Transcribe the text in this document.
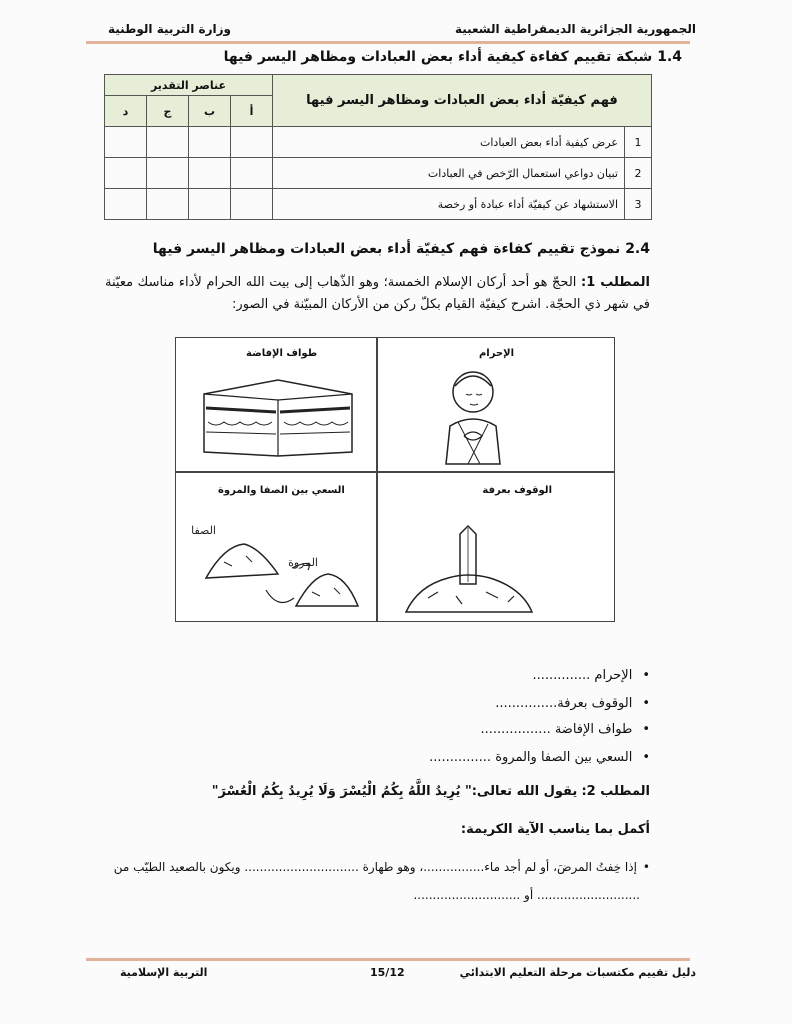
الجمهورية الجزائرية الديمقراطية الشعبية
وزارة التربية الوطنية
1.4 شبكة تقييم كفاءة كيفية أداء بعض العبادات ومظاهر اليسر فيها
فهم كيفيّة أداء بعض العبادات ومظاهر اليسر فيها		عناصر التقدير			
		أ	ب	ج	د
1	عرض كيفية أداء بعض العبادات				
2	تبيان دواعي استعمال الرّخص في العبادات				
3	الاستشهاد عن كيفيّة أداء عبادة أو رخصة				
2.4 نموذج تقييم كفاءة فهم كيفيّة أداء بعض العبادات ومظاهر اليسر فيها
المطلب 1: الحجّ هو أحد أركان الإسلام الخمسة؛ وهو الذّهاب إلى بيت الله الحرام لأداء مناسك معيّنة في شهر ذي الحجّة. اشرح كيفيّة القيام بكلّ ركن من الأركان المبيّنة في الصور:
الإحرام
طواف الإفاضة
الوقوف بعرفة
السعي بين الصفا والمروة
الصفا
المروة
• الإحرام ..............
• الوقوف بعرفة...............
• طواف الإفاضة .................
• السعي بين الصفا والمروة ...............
المطلب 2: يقول الله تعالى:" يُرِيدُ اللَّهُ بِكُمُ الْيُسْرَ وَلَا يُرِيدُ بِكُمُ الْعُسْرَ"
أكمل بما يناسب الآية الكريمة:
•إذا خِفتُ المرضَ، أو لم أجد ماء................، وهو طهارة .............................. ويكون بالصعيد الطيّب من
........................... أو ............................
دليل تقييم مكتسبات مرحلة التعليم الابتدائي
15/12
التربية الإسلامية
